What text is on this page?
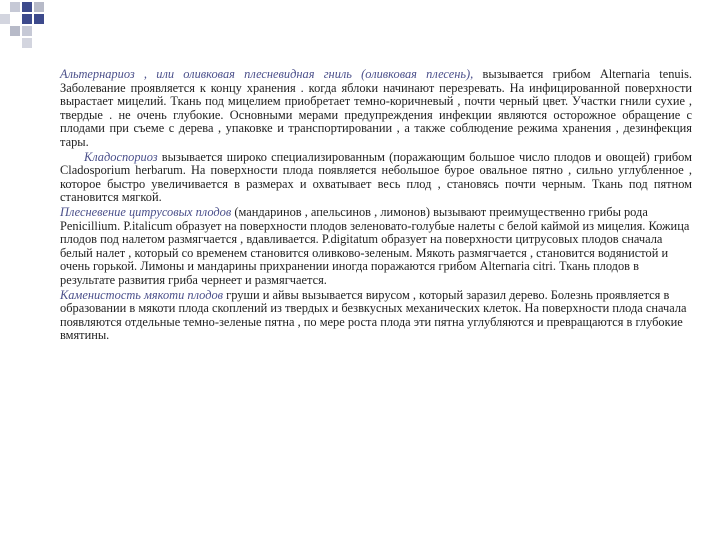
Альтернариоз , или оливковая плесневидная гниль (оливковая плесень), вызывается грибом Alternaria tenuis. Заболевание проявляется к концу хранения . когда яблоки начинают перезревать. На инфицированной поверхности вырастает мицелий. Ткань под мицелием приобретает темно-коричневый , почти черный цвет. Участки гнили сухие , твердые . не очень глубокие. Основными мерами предупреждения инфекции являются осторожное обращение с плодами при съеме с дерева , упаковке и транспортировании , а также соблюдение режима хранения , дезинфекция тары.

Кладоспориоз вызывается широко специализированным (поражающим большое число плодов и овощей) грибом Cladosporium herbarum. На поверхности плода появляется небольшое бурое овальное пятно , сильно углубленное , которое быстро увеличивается в размерах и охватывает весь плод , становясь почти черным. Ткань под пятном становится мягкой.

Плесневение цитрусовых плодов (мандаринов , апельсинов , лимонов) вызывают преимущественно грибы рода Penicillium. P.italicum образует на поверхности плодов зеленовато-голубые налеты с белой каймой из мицелия. Кожица плодов под налетом размягчается , вдавливается. P.digitatum образует на поверхности цитрусовых плодов сначала белый налет , который со временем становится оливково-зеленым. Мякоть размягчается , становится водянистой и очень горькой. Лимоны и мандарины прихранении иногда поражаются грибом Alternaria citri. Ткань плодов в результате развития гриба чернеет и размягчается.

Каменистость мякоти плодов груши и айвы вызывается вирусом , который заразил дерево. Болезнь проявляется в образовании в мякоти плода скоплений из твердых и безвкусных механических клеток. На поверхности плода сначала появляются отдельные темно-зеленые пятна , по мере роста плода эти пятна углубляются и превращаются в глубокие вмятины.
